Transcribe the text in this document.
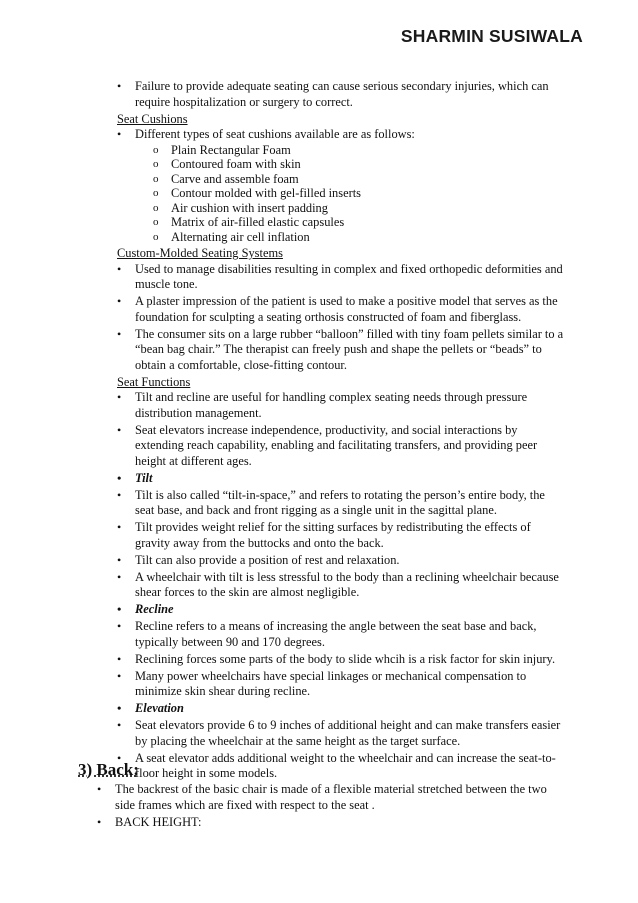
SHARMIN SUSIWALA
• Failure to provide adequate seating can cause serious secondary injuries, which can require hospitalization or surgery to correct.

Seat Cushions

• Different types of seat cushions available are as follows:
o Plain Rectangular Foam
o Contoured foam with skin
o Carve and assemble foam
o Contour molded with gel-filled inserts
o Air cushion with insert padding
o Matrix of air-filled elastic capsules
o Alternating air cell inflation

Custom-Molded Seating Systems

• Used to manage disabilities resulting in complex and fixed orthopedic deformities and muscle tone.
• A plaster impression of the patient is used to make a positive model that serves as the foundation for sculpting a seating orthosis constructed of foam and fiberglass.
• The consumer sits on a large rubber “balloon” filled with tiny foam pellets similar to a “bean bag chair.” The therapist can freely push and shape the pellets or “beads” to obtain a comfortable, close-fitting contour.

Seat Functions

• Tilt and recline are useful for handling complex seating needs through pressure distribution management.
• Seat elevators increase independence, productivity, and social interactions by extending reach capability, enabling and facilitating transfers, and providing peer height at different ages.
• Tilt
• Tilt is also called “tilt-in-space,” and refers to rotating the person’s entire body, the seat base, and back and front rigging as a single unit in the sagittal plane.
• Tilt provides weight relief for the sitting surfaces by redistributing the effects of gravity away from the buttocks and onto the back.
• Tilt can also provide a position of rest and relaxation.
• A wheelchair with tilt is less stressful to the body than a reclining wheelchair because shear forces to the skin are almost negligible.
• Recline
• Recline refers to a means of increasing the angle between the seat base and back, typically between 90 and 170 degrees.
• Reclining forces some parts of the body to slide whcih is a risk factor for skin injury.
• Many power wheelchairs have special linkages or mechanical compensation to minimize skin shear during recline.
• Elevation
• Seat elevators provide 6 to 9 inches of additional height and can make transfers easier by placing the wheelchair at the same height as the target surface.
• A seat elevator adds additional weight to the wheelchair and can increase the seat-to-floor height in some models.
3) Back:
• The backrest of the basic chair is made of a flexible material stretched between the two side frames which are fixed with respect to the seat .
• BACK HEIGHT:
